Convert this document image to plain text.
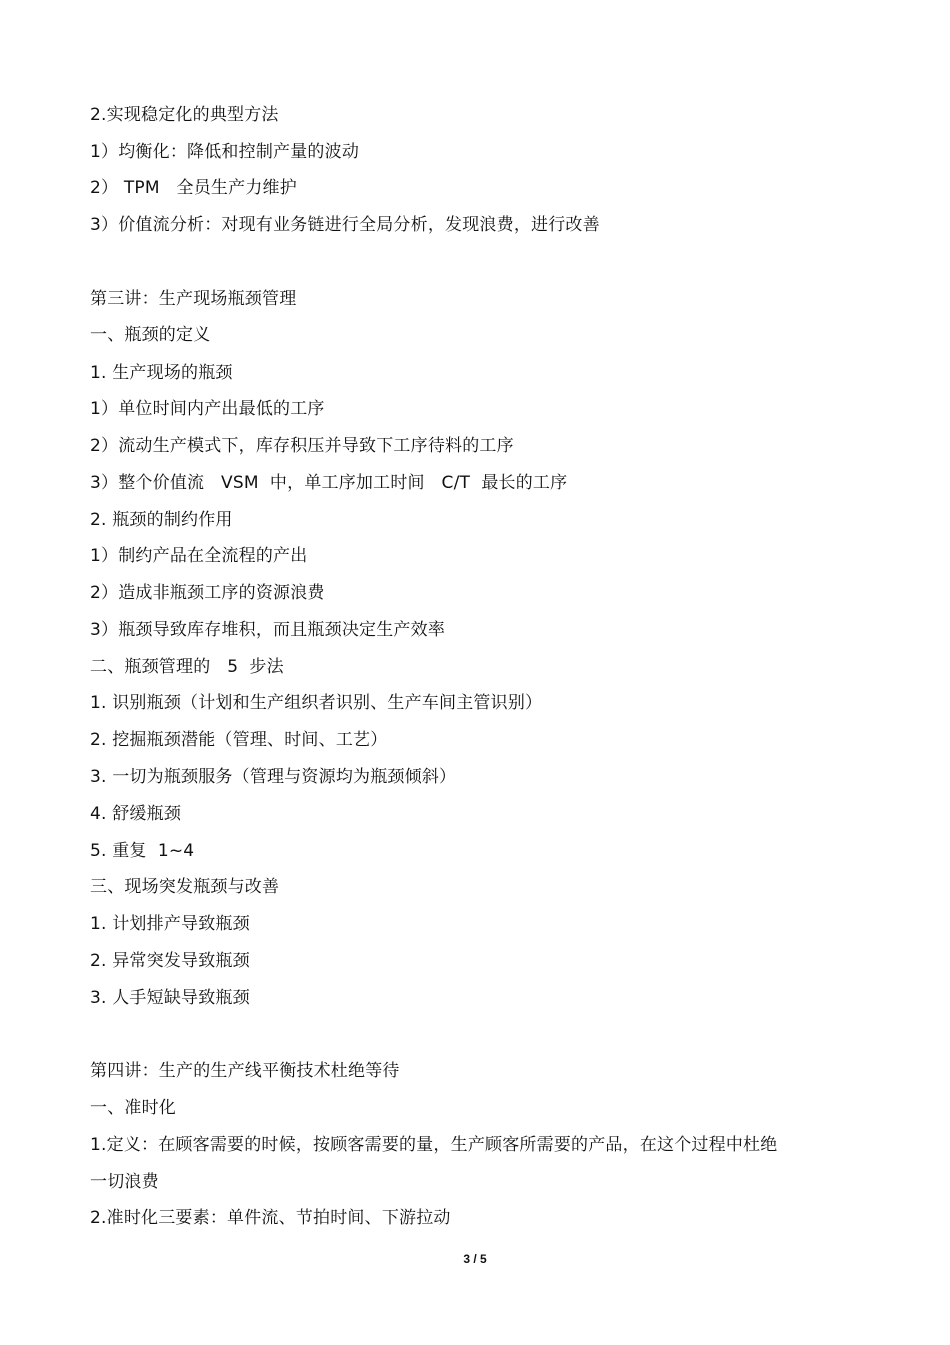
2.实现稳定化的典型方法
1）均衡化：降低和控制产量的波动
2） TPM   全员生产力维护
3）价值流分析：对现有业务链进行全局分析，发现浪费，进行改善
第三讲：生产现场瓶颈管理
一、瓶颈的定义
1. 生产现场的瓶颈
1）单位时间内产出最低的工序
2）流动生产模式下，库存积压并导致下工序待料的工序
3）整个价值流   VSM  中，单工序加工时间   C/T  最长的工序
2. 瓶颈的制约作用
1）制约产品在全流程的产出
2）造成非瓶颈工序的资源浪费
3）瓶颈导致库存堆积，而且瓶颈决定生产效率
二、瓶颈管理的   5  步法
1. 识别瓶颈（计划和生产组织者识别、生产车间主管识别）
2. 挖掘瓶颈潜能（管理、时间、工艺）
3. 一切为瓶颈服务（管理与资源均为瓶颈倾斜）
4. 舒缓瓶颈
5. 重复  1~4
三、现场突发瓶颈与改善
1. 计划排产导致瓶颈
2. 异常突发导致瓶颈
3. 人手短缺导致瓶颈
第四讲：生产的生产线平衡技术杜绝等待
一、准时化
1.定义：在顾客需要的时候，按顾客需要的量，生产顾客所需要的产品，在这个过程中杜绝
一切浪费
2.准时化三要素：单件流、节拍时间、下游拉动
3 / 5
